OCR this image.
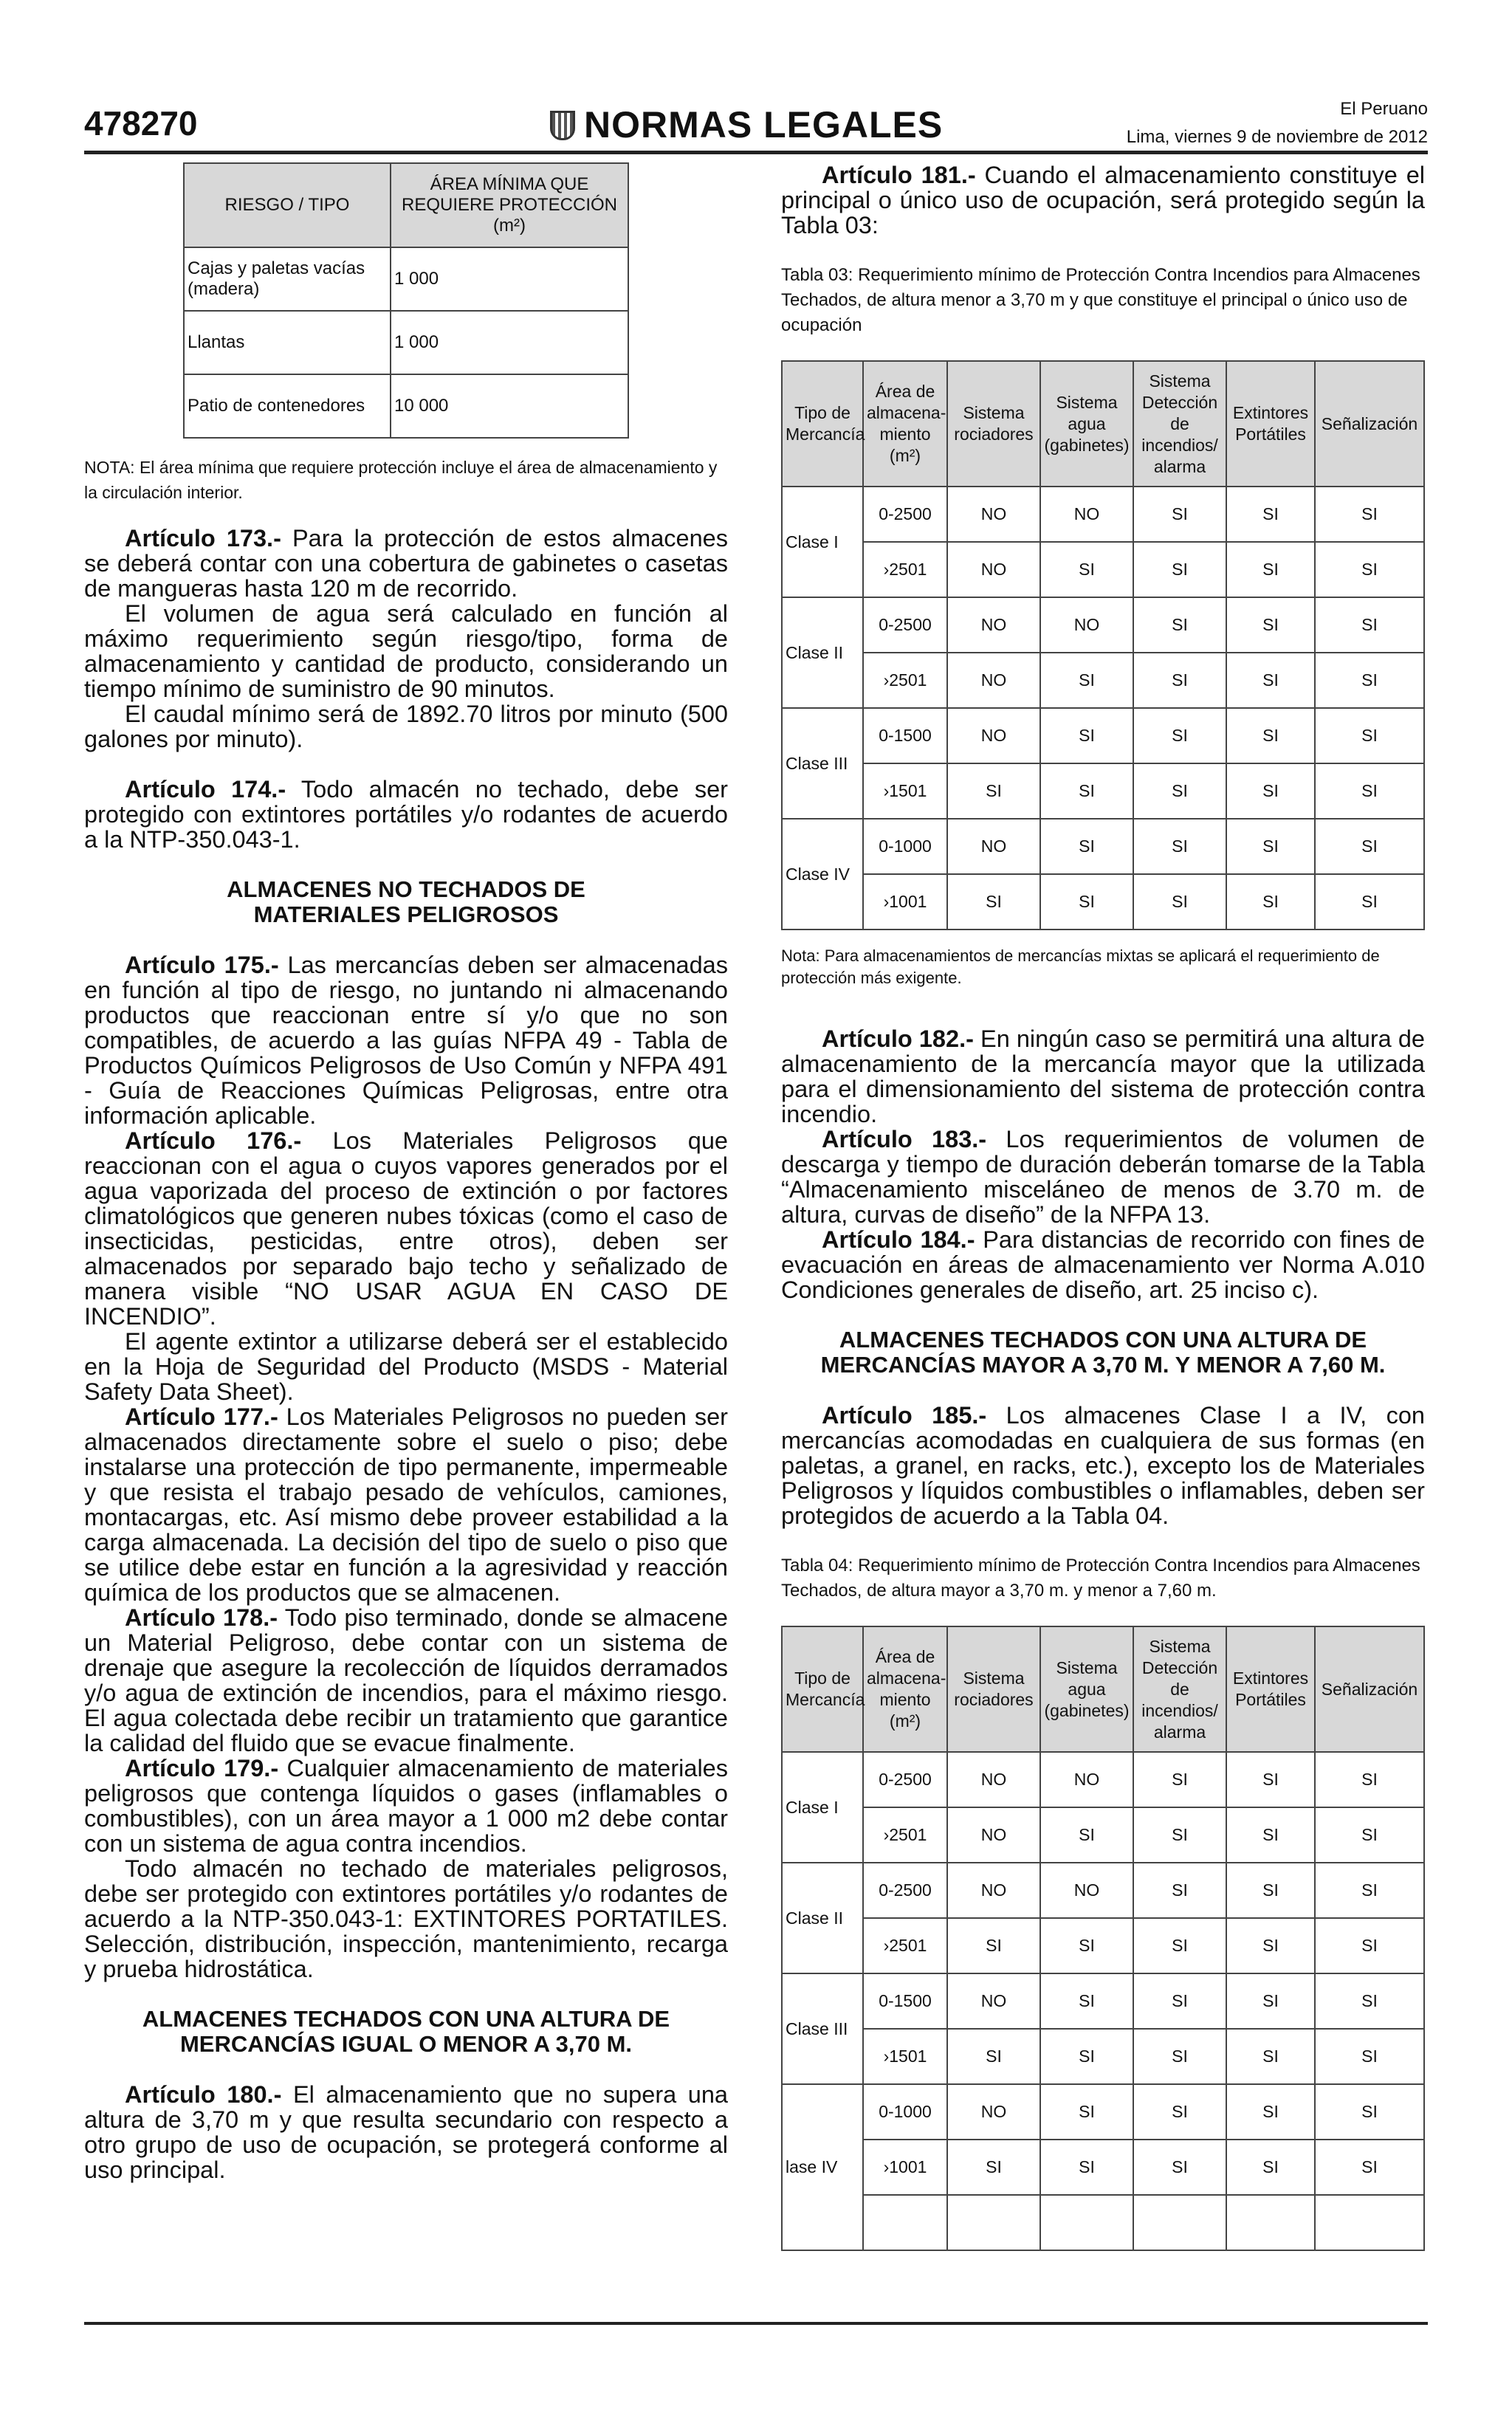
478270	NORMAS LEGALES	El Peruano
Lima, viernes 9 de noviembre de 2012
RIESGO / TIPO	ÁREA MÍNIMA QUE REQUIERE PROTECCIÓN (m²)
Cajas y paletas vacías (madera)	1 000
Llantas	1 000
Patio de contenedores	10 000

NOTA: El área mínima que requiere protección incluye el área de almacenamiento y la circulación interior.

Artículo 173.- Para la protección de estos almacenes se deberá contar con una cobertura de gabinetes o casetas de mangueras hasta 120 m de recorrido.

El volumen de agua será calculado en función al máximo requerimiento según riesgo/tipo, forma de almacenamiento y cantidad de producto, considerando un tiempo mínimo de suministro de 90 minutos.

El caudal mínimo será de 1892.70 litros por minuto (500 galones por minuto).

Artículo 174.- Todo almacén no techado, debe ser protegido con extintores portátiles y/o rodantes de acuerdo a la NTP-350.043-1.

ALMACENES NO TECHADOS DE MATERIALES PELIGROSOS

Artículo 175.- Las mercancías deben ser almacenadas en función al tipo de riesgo, no juntando ni almacenando productos que reaccionan entre sí y/o que no son compatibles, de acuerdo a las guías NFPA 49 - Tabla de Productos Químicos Peligrosos de Uso Común y NFPA 491 - Guía de Reacciones Químicas Peligrosas, entre otra información aplicable.

Artículo 176.- Los Materiales Peligrosos que reaccionan con el agua o cuyos vapores generados por el agua vaporizada del proceso de extinción o por factores climatológicos que generen nubes tóxicas (como el caso de insecticidas, pesticidas, entre otros), deben ser almacenados por separado bajo techo y señalizado de manera visible “NO USAR AGUA EN CASO DE INCENDIO”.

El agente extintor a utilizarse deberá ser el establecido en la Hoja de Seguridad del Producto (MSDS - Material Safety Data Sheet).

Artículo 177.- Los Materiales Peligrosos no pueden ser almacenados directamente sobre el suelo o piso; debe instalarse una protección de tipo permanente, impermeable y que resista el trabajo pesado de vehículos, camiones, montacargas, etc. Así mismo debe proveer estabilidad a la carga almacenada. La decisión del tipo de suelo o piso que se utilice debe estar en función a la agresividad y reacción química de los productos que se almacenen.

Artículo 178.- Todo piso terminado, donde se almacene un Material Peligroso, debe contar con un sistema de drenaje que asegure la recolección de líquidos derramados y/o agua de extinción de incendios, para el máximo riesgo. El agua colectada debe recibir un tratamiento que garantice la calidad del fluido que se evacue finalmente.

Artículo 179.- Cualquier almacenamiento de materiales peligrosos que contenga líquidos o gases (inflamables o combustibles), con un área mayor a 1 000 m2 debe contar con un sistema de agua contra incendios.

Todo almacén no techado de materiales peligrosos, debe ser protegido con extintores portátiles y/o rodantes de acuerdo a la NTP-350.043-1: EXTINTORES PORTATILES. Selección, distribución, inspección, mantenimiento, recarga y prueba hidrostática.

ALMACENES TECHADOS CON UNA ALTURA DE MERCANCÍAS IGUAL O MENOR A 3,70 M.

Artículo 180.- El almacenamiento que no supera una altura de 3,70 m y que resulta secundario con respecto a otro grupo de uso de ocupación, se protegerá conforme al uso principal.

Artículo 181.- Cuando el almacenamiento constituye el principal o único uso de ocupación, será protegido según la Tabla 03:

Tabla 03: Requerimiento mínimo de Protección Contra Incendios para Almacenes Techados, de altura menor a 3,70 m y que constituye el principal o único uso de ocupación

Tipo de Mercancía	Área de almacena-miento (m²)	Sistema rociadores	Sistema agua (gabinetes)	Sistema Detección de incendios/ alarma	Extintores Portátiles	Señalización
Clase I	0-2500	NO	NO	SI	SI	SI
	›2501	NO	SI	SI	SI	SI
Clase II	0-2500	NO	NO	SI	SI	SI
	›2501	NO	SI	SI	SI	SI
Clase III	0-1500	NO	SI	SI	SI	SI
	›1501	SI	SI	SI	SI	SI
Clase IV	0-1000	NO	SI	SI	SI	SI
	›1001	SI	SI	SI	SI	SI

Nota: Para almacenamientos de mercancías mixtas se aplicará el requerimiento de protección más exigente.

Artículo 182.- En ningún caso se permitirá una altura de almacenamiento de la mercancía mayor que la utilizada para el dimensionamiento del sistema de protección contra incendio.

Artículo 183.- Los requerimientos de volumen de descarga y tiempo de duración deberán tomarse de la Tabla “Almacenamiento misceláneo de menos de 3.70 m. de altura, curvas de diseño” de la NFPA 13.

Artículo 184.- Para distancias de recorrido con fines de evacuación en áreas de almacenamiento ver Norma A.010 Condiciones generales de diseño, art. 25 inciso c).

ALMACENES TECHADOS CON UNA ALTURA DE MERCANCÍAS MAYOR A 3,70 M. Y MENOR A 7,60 M.

Artículo 185.- Los almacenes Clase I a IV, con mercancías acomodadas en cualquiera de sus formas (en paletas, a granel, en racks, etc.), excepto los de Materiales Peligrosos y líquidos combustibles o inflamables, deben ser protegidos de acuerdo a la Tabla 04.

Tabla 04: Requerimiento mínimo de Protección Contra Incendios para Almacenes Techados, de altura mayor a 3,70 m. y menor a 7,60 m.

Tipo de Mercancía	Área de almacena-miento (m²)	Sistema rociadores	Sistema agua (gabinetes)	Sistema Detección de incendios/ alarma	Extintores Portátiles	Señalización
Clase I	0-2500	NO	NO	SI	SI	SI
	›2501	NO	SI	SI	SI	SI
Clase II	0-2500	NO	NO	SI	SI	SI
	›2501	SI	SI	SI	SI	SI
Clase III	0-1500	NO	SI	SI	SI	SI
	›1501	SI	SI	SI	SI	SI
lase IV	0-1000	NO	SI	SI	SI	SI
	›1001	SI	SI	SI	SI	SI
